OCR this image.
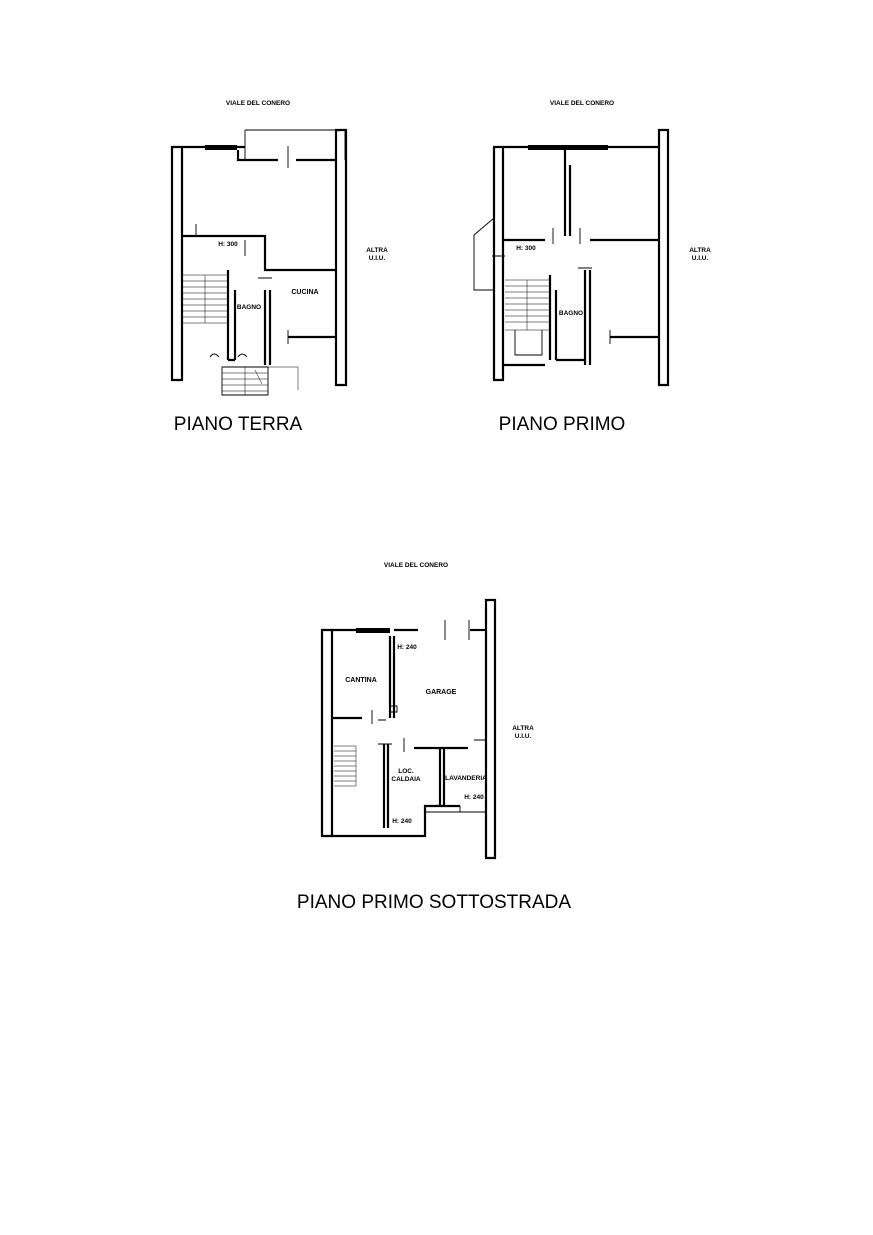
VIALE DEL CONERO
H: 300
BAGNO
CUCINA
ALTRA
U.I.U.
PIANO TERRA
VIALE DEL CONERO
H: 300
BAGNO
ALTRA
U.I.U.
PIANO PRIMO
VIALE DEL CONERO
H: 240
CANTINA
GARAGE
LOC.
CALDAIA	LAVANDERIA
H: 240
H: 240
ALTRA
U.I.U.
PIANO PRIMO SOTTOSTRADA
